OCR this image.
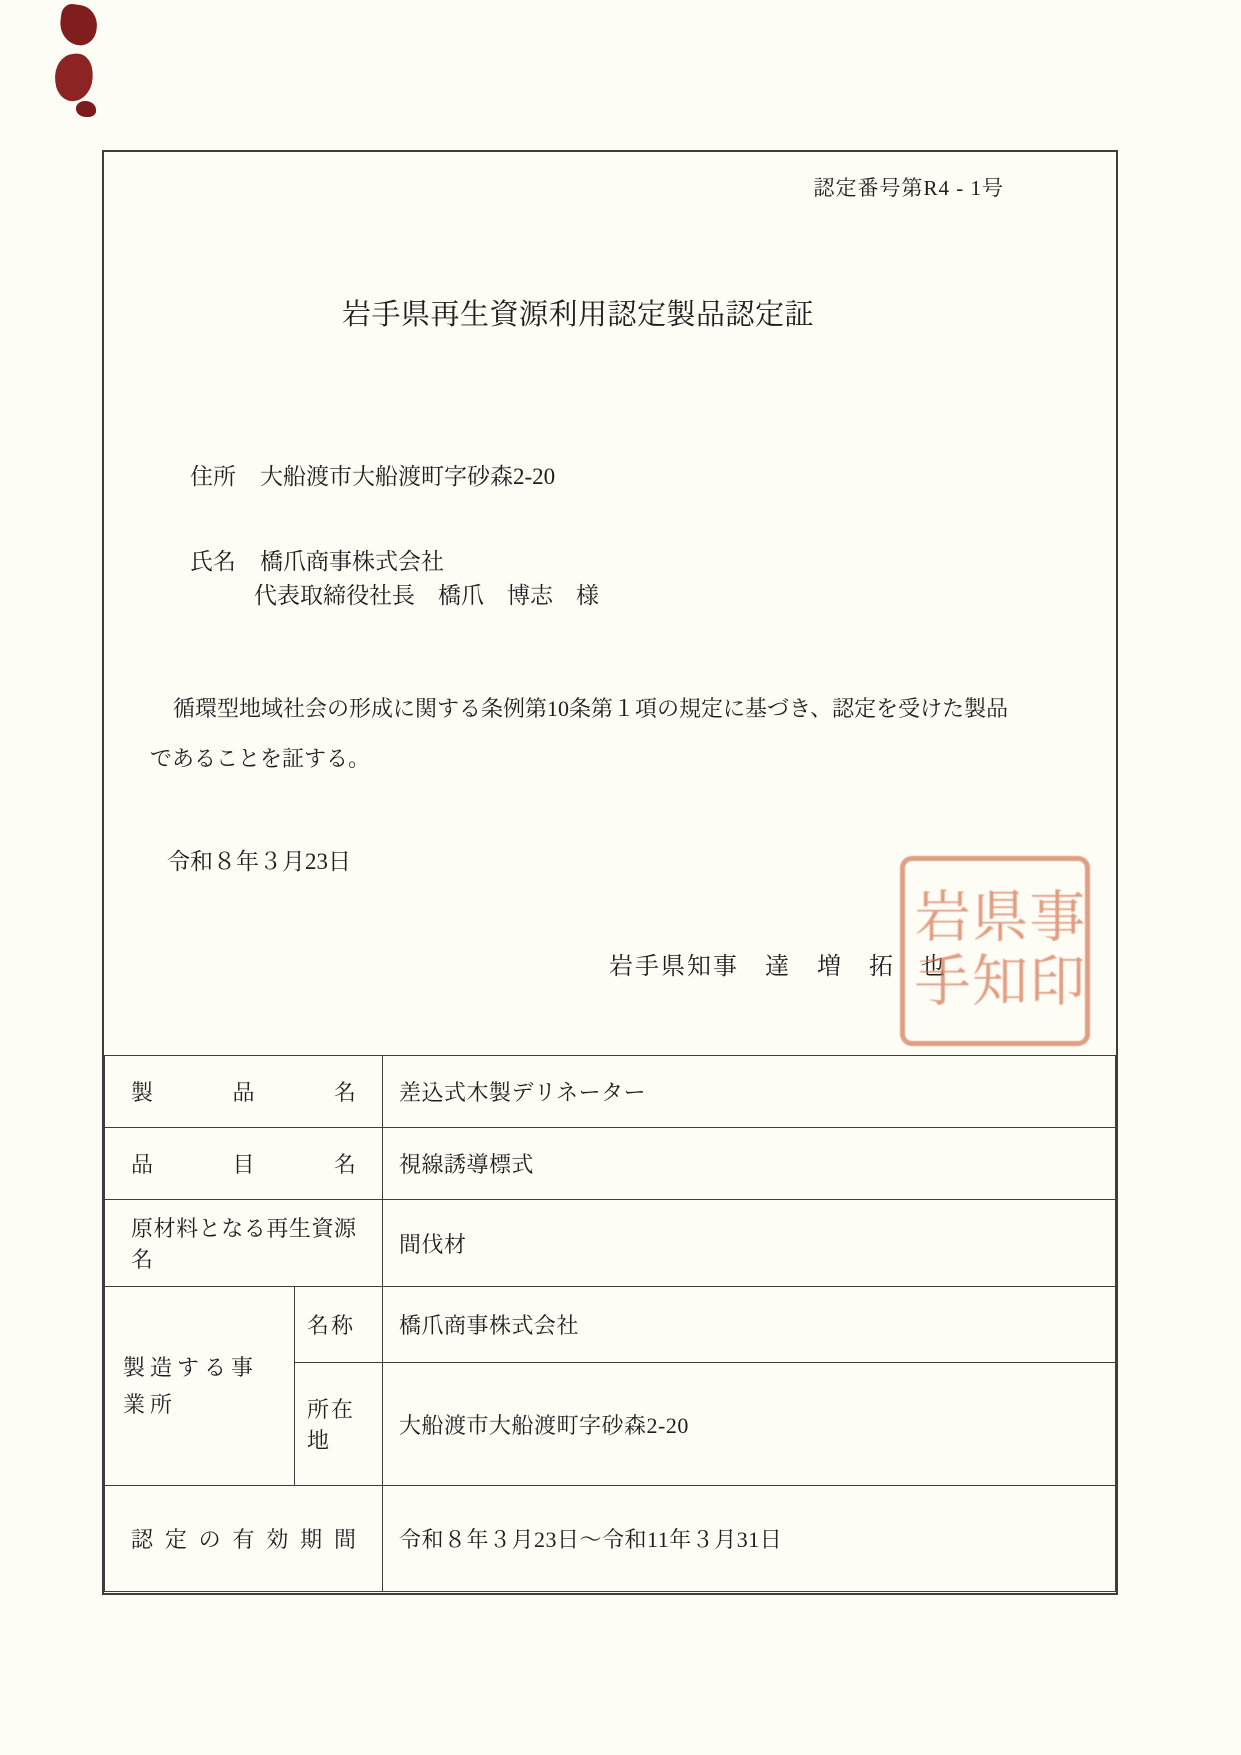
認定番号第R4 - 1号
岩手県再生資源利用認定製品認定証
住所 大船渡市大船渡町字砂森2-20
氏名 橋爪商事株式会社
代表取締役社長　橋爪　博志　様

循環型地域社会の形成に関する条例第10条第１項の規定に基づき、認定を受けた製品であることを証する。

令和８年３月23日
岩手県知事　達　増　拓　也
岩手
県知
事印
製品名		差込式木製デリネーター
品目名		視線誘導標式
原材料となる再生資源名		間伐材
製造する事業所	名称	橋爪商事株式会社
	所在地	大船渡市大船渡町字砂森2-20
認定の有効期間		令和８年３月23日～令和11年３月31日
